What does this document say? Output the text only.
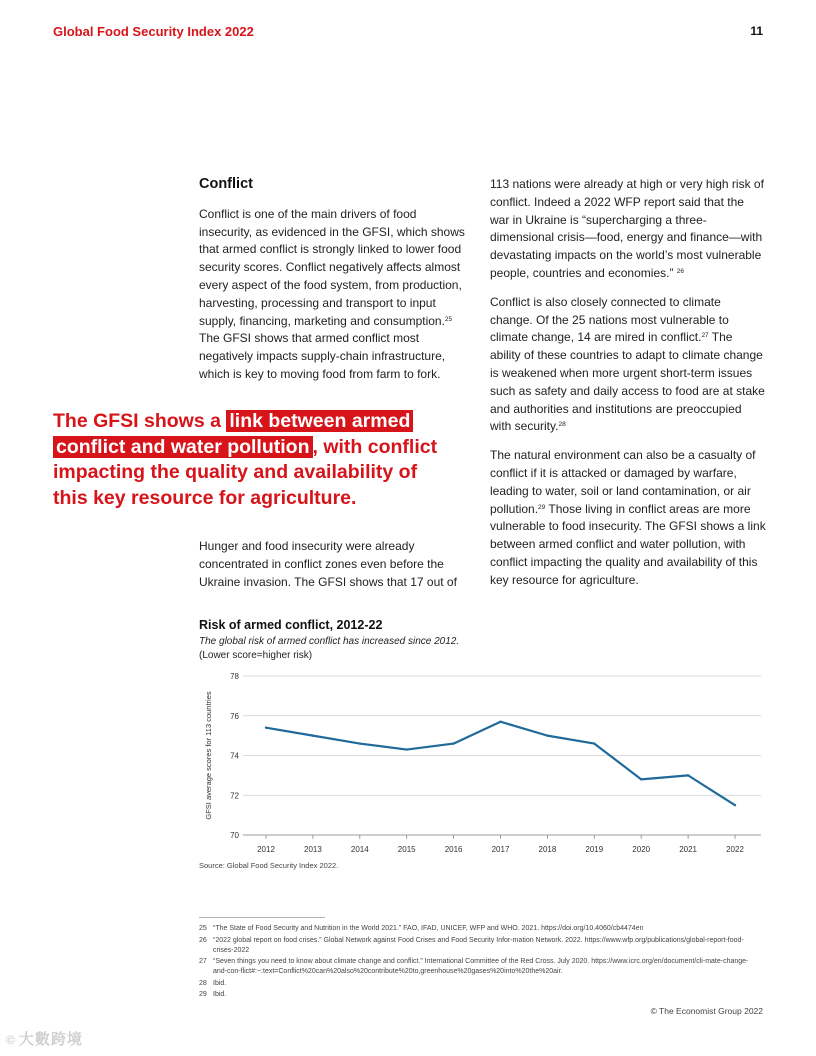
Global Food Security Index 2022	11
Conflict

Conflict is one of the main drivers of food insecurity, as evidenced in the GFSI, which shows that armed conflict is strongly linked to lower food security scores. Conflict negatively affects almost every aspect of the food system, from production, harvesting, processing and transport to input supply, financing, marketing and consumption.$^{25}$ The GFSI shows that armed conflict most negatively impacts supply-chain infrastructure, which is key to moving food from farm to fork.

The GFSI shows a link between armed conflict and water pollution , with conflict impacting the quality and availability of this key resource for agriculture.

Hunger and food insecurity were already concentrated in conflict zones even before the Ukraine invasion. The GFSI shows that 17 out of

113 nations were already at high or very high risk of conflict. Indeed a 2022 WFP report said that the war in Ukraine is “supercharging a three-dimensional crisis—food, energy and finance—with devastating impacts on the world’s most vulnerable people, countries and economies.” $^{26}$

Conflict is also closely connected to climate change. Of the 25 nations most vulnerable to climate change, 14 are mired in conflict.$^{27}$ The ability of these countries to adapt to climate change is weakened when more urgent short-term issues such as safety and daily access to food are at stake and authorities and institutions are preoccupied with security.$^{28}$

The natural environment can also be a casualty of conflict if it is attacked or damaged by warfare, leading to water, soil or land contamination, or air pollution.$^{29}$ Those living in conflict areas are more vulnerable to food insecurity. The GFSI shows a link between armed conflict and water pollution, with conflict impacting the quality and availability of this key resource for agriculture.

Risk of armed conflict, 2012-22
The global risk of armed conflict has increased since 2012.
(Lower score=higher risk)
70
72
74
76
78
2012	2013	2014	2015	2016	2017	2018	2019	2020	2021	2022
GFSI average scores for 113 countries
Source: Global Food Security Index 2022.
25 “The State of Food Security and Nutrition in the World 2021.” FAO, IFAD, UNICEF, WFP and WHO. 2021. https://doi.org/10.4060/cb4474en
26 “2022 global report on food crises.” Global Network against Food Crises and Food Security Infor-mation Network. 2022. https://www.wfp.org/publications/global-report-food-crises-2022
27 “Seven things you need to know about climate change and conflict.” International Committee of the Red Cross. July 2020. https://www.icrc.org/en/document/cli-mate-change-and-con-flict#:~:text=Conflict%20can%20also%20contribute%20to,greenhouse%20gases%20into%20the%20air.
28 Ibid.
29 Ibid.
© The Economist Group 2022
© 大數跨境
